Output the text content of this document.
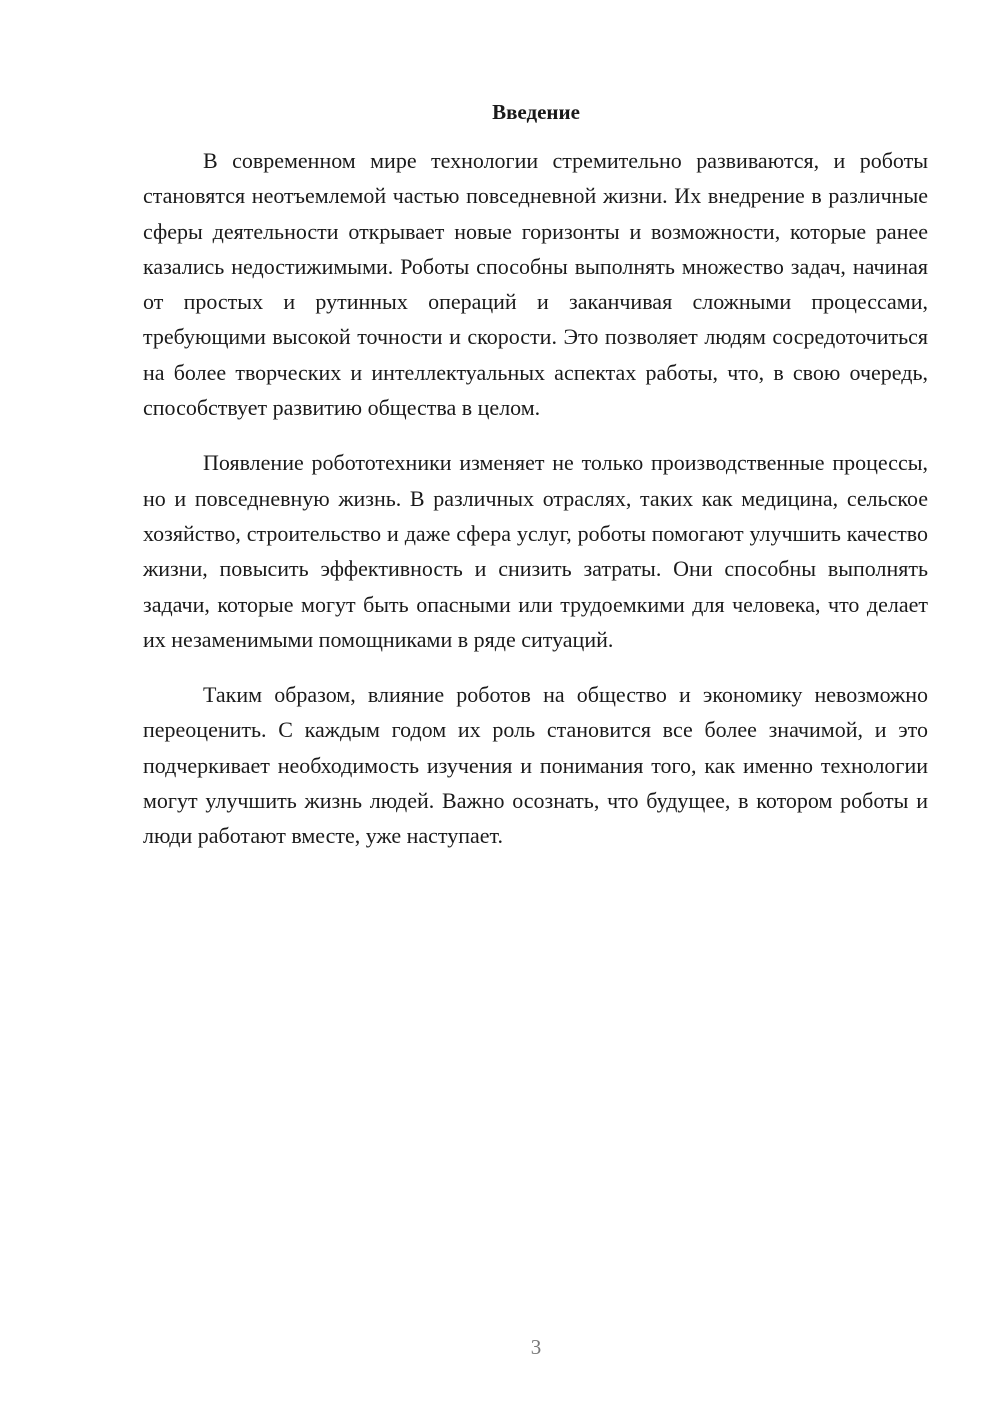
Введение

В современном мире технологии стремительно развиваются, и роботы становятся неотъемлемой частью повседневной жизни. Их внедрение в различные сферы деятельности открывает новые горизонты и возможности, которые ранее казались недостижимыми. Роботы способны выполнять множество задач, начиная от простых и рутинных операций и заканчивая сложными процессами, требующими высокой точности и скорости. Это позволяет людям сосредоточиться на более творческих и интеллектуальных аспектах работы, что, в свою очередь, способствует развитию общества в целом.

Появление робототехники изменяет не только производственные процессы, но и повседневную жизнь. В различных отраслях, таких как медицина, сельское хозяйство, строительство и даже сфера услуг, роботы помогают улучшить качество жизни, повысить эффективность и снизить затраты. Они способны выполнять задачи, которые могут быть опасными или трудоемкими для человека, что делает их незаменимыми помощниками в ряде ситуаций.

Таким образом, влияние роботов на общество и экономику невозможно переоценить. С каждым годом их роль становится все более значимой, и это подчеркивает необходимость изучения и понимания того, как именно технологии могут улучшить жизнь людей. Важно осознать, что будущее, в котором роботы и люди работают вместе, уже наступает.

3
